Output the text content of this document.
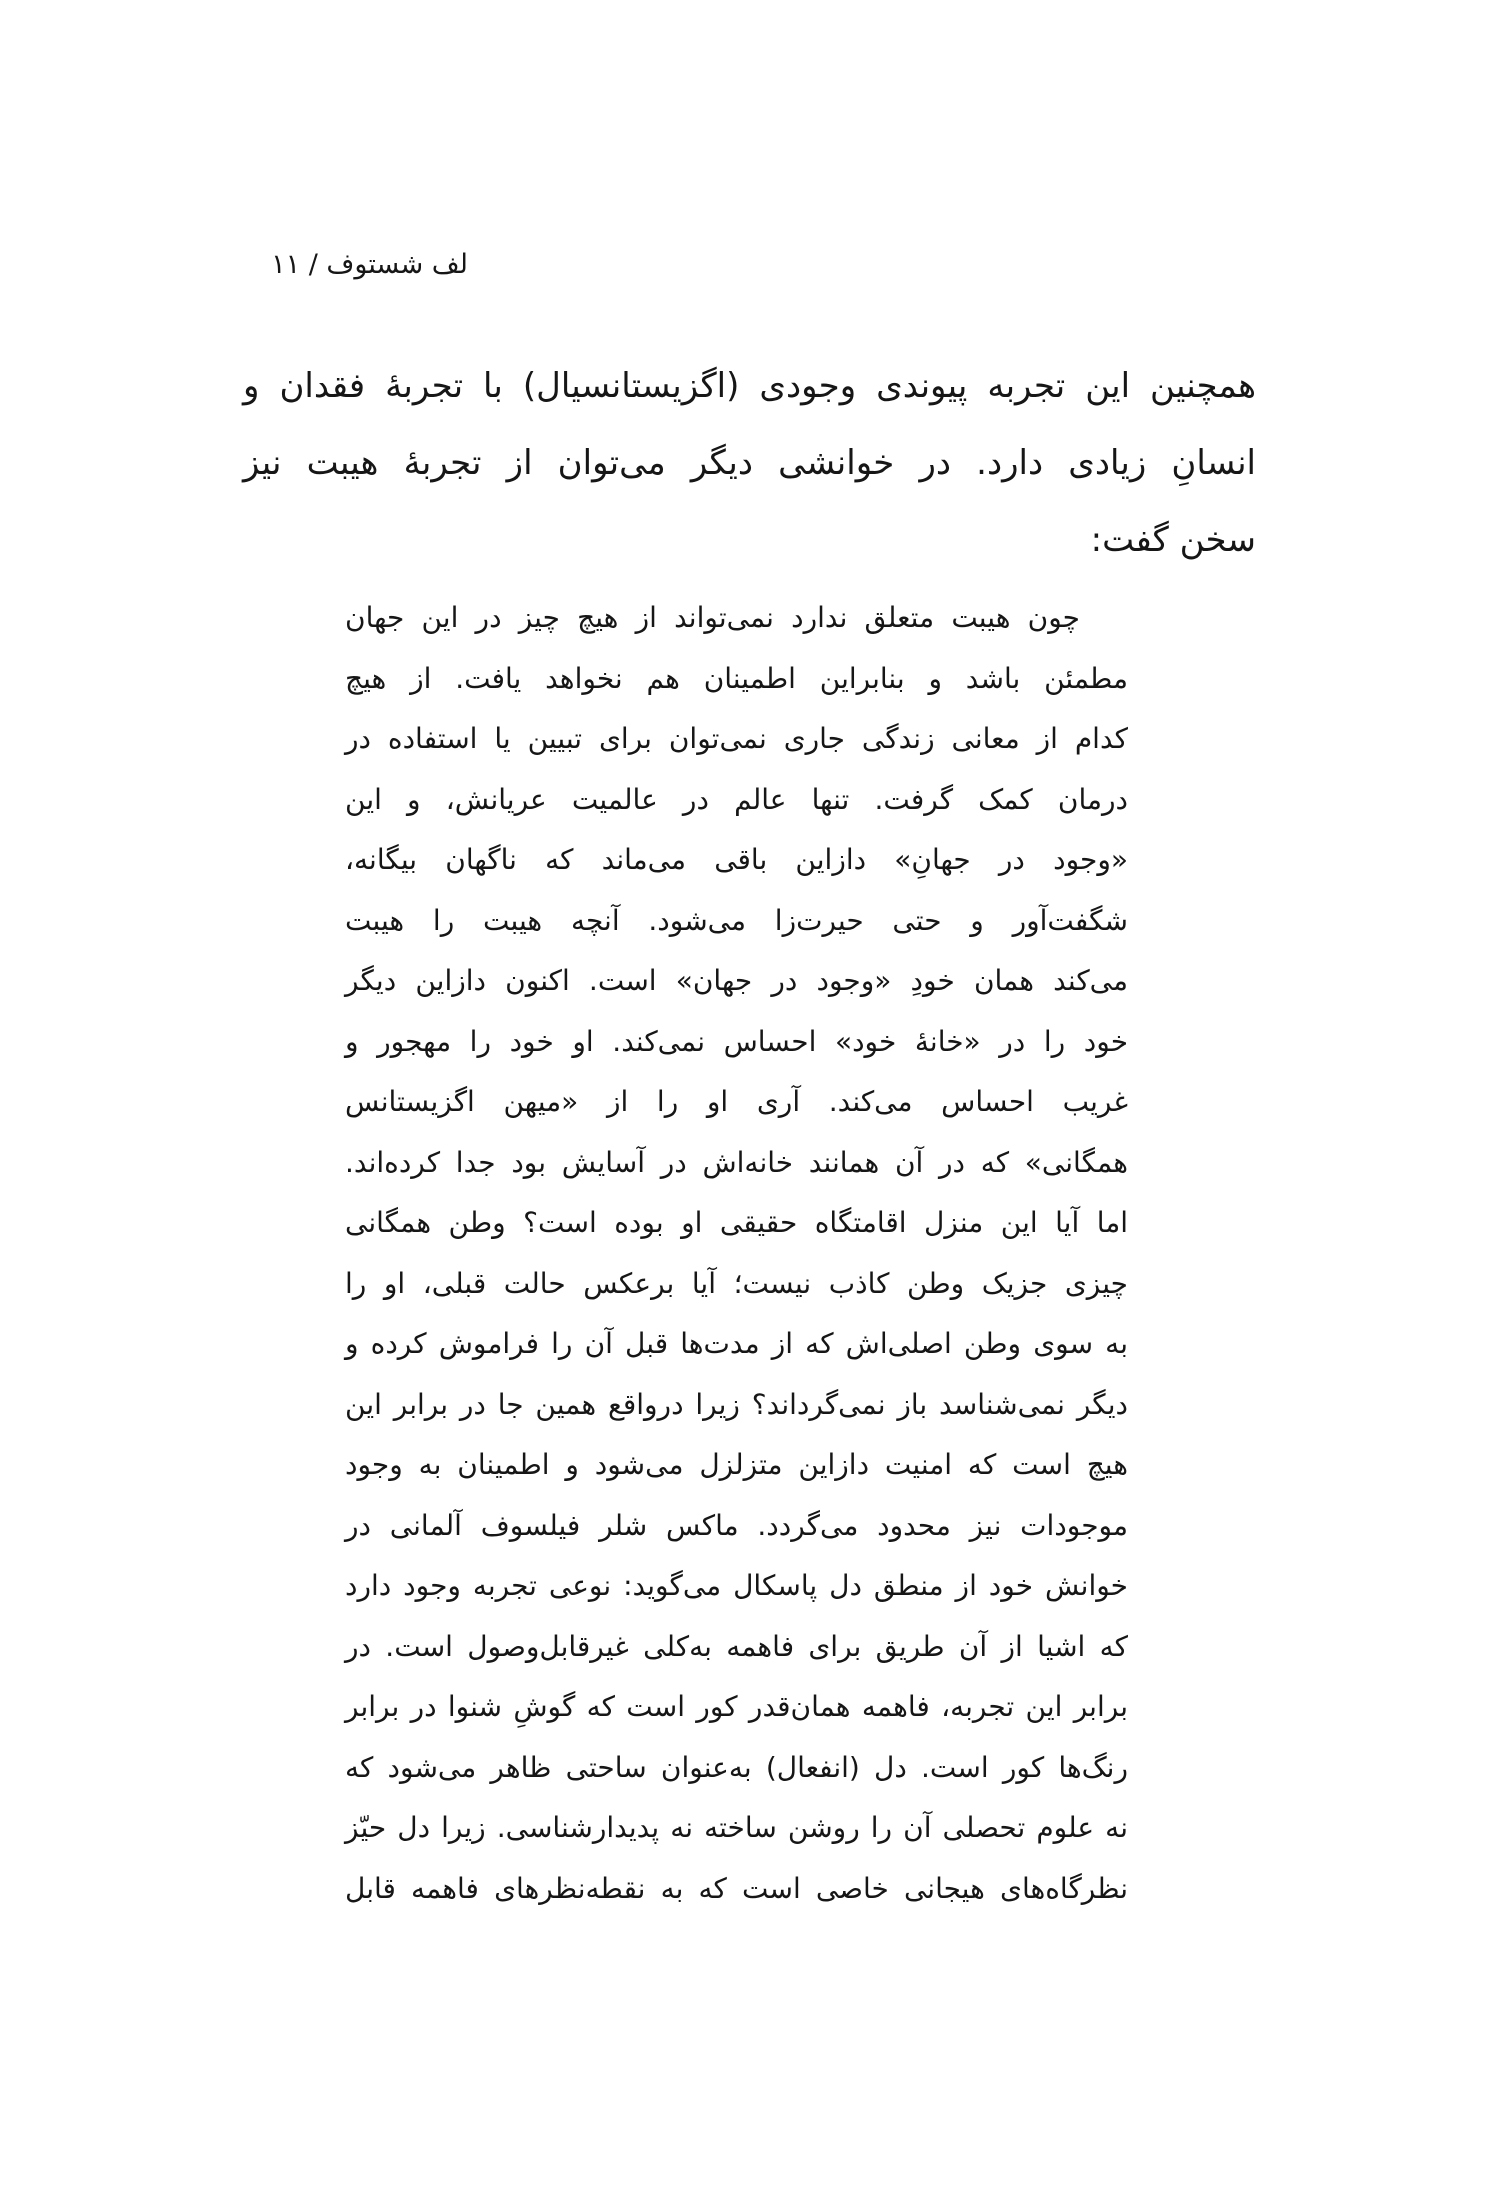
لف شستوف / ۱۱
همچنین این تجربه پیوندی وجودی (اگزیستانسیال) با تجربهٔ فقدان و
انسانِ زیادی دارد. در خوانشی دیگر می‌توان از تجربهٔ هیبت نیز
سخن گفت:
چون هیبت متعلق ندارد نمی‌تواند از هیچ چیز در این جهان
مطمئن باشد و بنابراین اطمینان هم نخواهد یافت. از هیچ
کدام از معانی زندگی جاری نمی‌توان برای تبیین یا استفاده در
درمان کمک گرفت. تنها عالم در عالمیت عریانش، و این
«وجود در جهانِ» دازاین باقی می‌ماند که ناگهان بیگانه،
شگفت‌آور و حتی حیرت‌زا می‌شود. آنچه هیبت را هیبت
می‌کند همان خودِ «وجود در جهان» است. اکنون دازاین دیگر
خود را در «خانهٔ خود» احساس نمی‌کند. او خود را مهجور و
غریب احساس می‌کند. آری او را از «میهن اگزیستانس
همگانی» که در آن همانند خانه‌اش در آسایش بود جدا کرده‌اند.
اما آیا این منزل اقامتگاه حقیقی او بوده است؟ وطن همگانی
چیزی جزیک وطن کاذب نیست؛ آیا برعکس حالت قبلی، او را
به سوی وطن اصلی‌اش که از مدت‌ها قبل آن را فراموش کرده و
دیگر نمی‌شناسد باز نمی‌گرداند؟ زیرا درواقع همین جا در برابر این
هیچ است که امنیت دازاین متزلزل می‌شود و اطمینان به وجود
موجودات نیز محدود می‌گردد. ماکس شلر فیلسوف آلمانی در
خوانش خود از منطق دل پاسکال می‌گوید: نوعی تجربه وجود دارد
که اشیا از آن طریق برای فاهمه به‌کلی غیرقابل‌وصول است. در
برابر این تجربه، فاهمه همان‌قدر کور است که گوشِ شنوا در برابر
رنگ‌ها کور است. دل (انفعال) به‌عنوان ساحتی ظاهر می‌شود که
نه علوم تحصلی آن را روشن ساخته نه پدیدارشناسی. زیرا دل حیّز
نظرگاه‌های هیجانی خاصی است که به نقطه‌نظرهای فاهمه قابل
